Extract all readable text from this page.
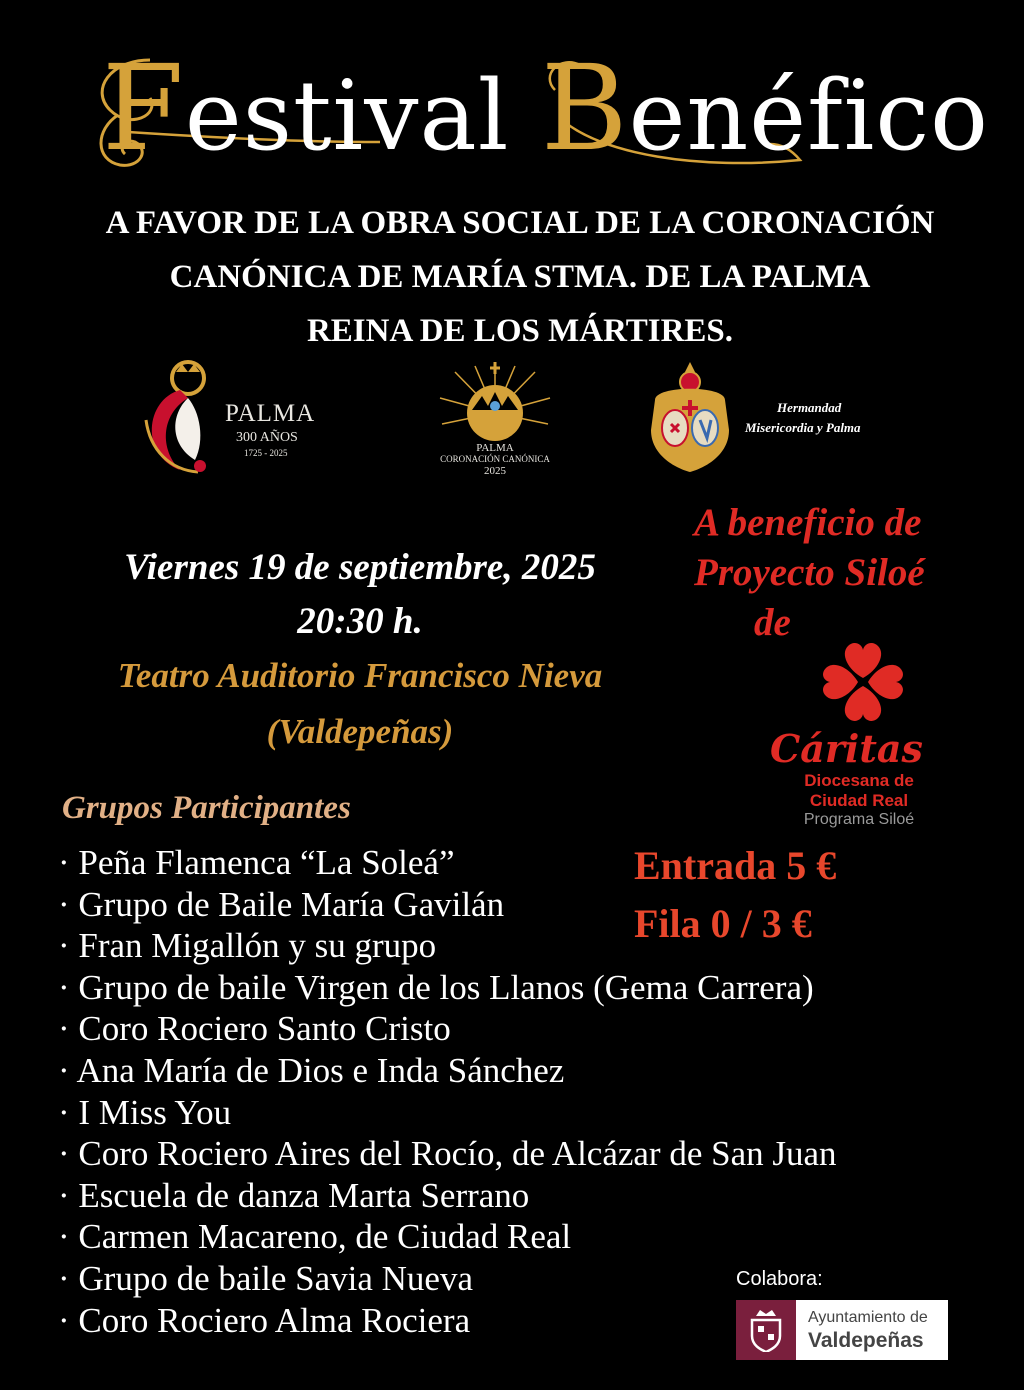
Festival Benéfico
A FAVOR DE LA OBRA SOCIAL DE LA CORONACIÓN
CANÓNICA DE MARÍA STMA. DE LA PALMA
REINA DE LOS MÁRTIRES.
PALMA
300 AÑOS
1725 - 2025	PALMA
CORONACIÓN CANÓNICA
2025
Hermandad
Misericordia y Palma
Viernes 19 de septiembre, 2025
20:30 h.
Teatro Auditorio Francisco Nieva
(Valdepeñas)
A beneficio de
Proyecto Siloé
de
Cáritas
Diocesana de
Ciudad Real
Programa Siloé
Grupos Participantes
· Peña Flamenca “La Soleá”
· Grupo de Baile María Gavilán
· Fran Migallón y su grupo
· Grupo de baile Virgen de los Llanos (Gema Carrera)
· Coro Rociero Santo Cristo
· Ana María de Dios e Inda Sánchez
· I Miss You
· Coro Rociero Aires del Rocío, de Alcázar de San Juan
· Escuela de danza Marta Serrano
· Carmen Macareno, de Ciudad Real
· Grupo de baile Savia Nueva
· Coro Rociero Alma Rociera
Entrada 5 €
Fila 0 / 3 €
Colabora:
Ayuntamiento de
Valdepeñas
